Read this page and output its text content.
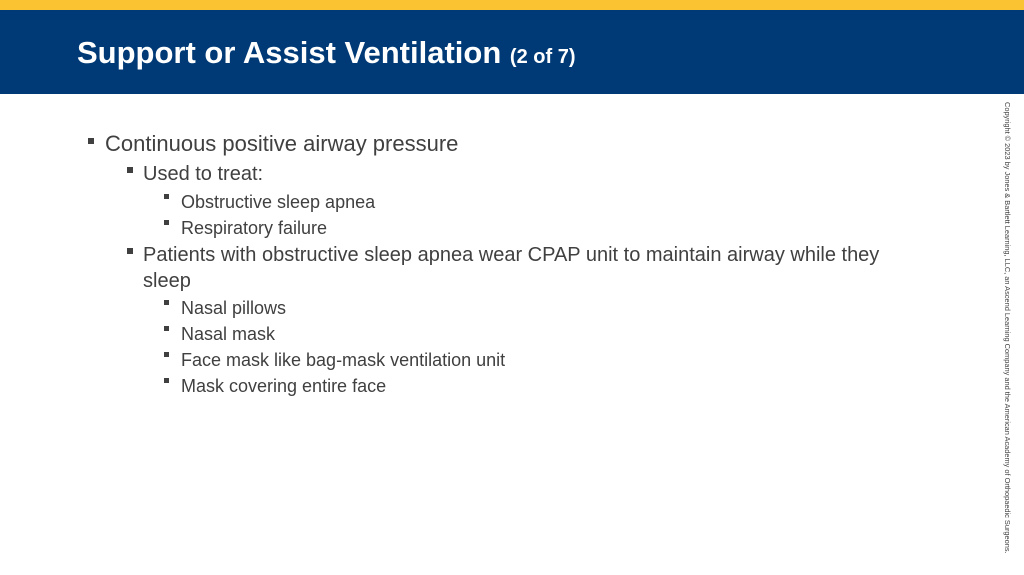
Support or Assist Ventilation (2 of 7)
Continuous positive airway pressure
Used to treat:
Obstructive sleep apnea
Respiratory failure
Patients with obstructive sleep apnea wear CPAP unit to maintain airway while they
sleep
Nasal pillows
Nasal mask
Face mask like bag-mask ventilation unit
Mask covering entire face	Copyright © 2023 by Jones & Bartlett Learning, LLC, an Ascend Learning Company and the American Academy of Orthopaedic Surgeons.
